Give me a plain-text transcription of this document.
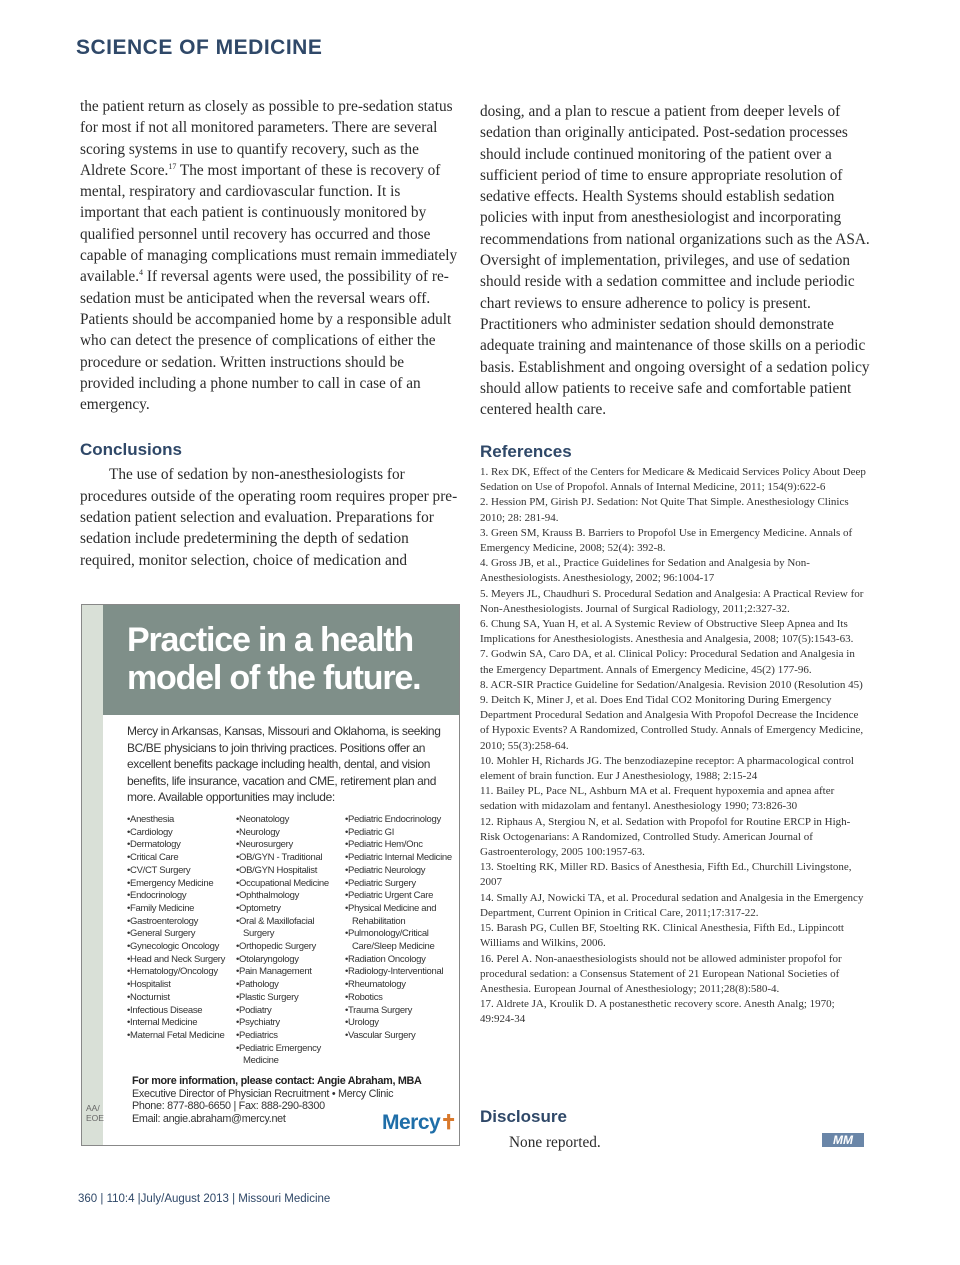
SCIENCE OF MEDICINE

the patient return as closely as possible to pre-sedation status for most if not all monitored parameters. There are several scoring systems in use to quantify recovery, such as the Aldrete Score.$^{17}$ The most important of these is recovery of mental, respiratory and cardiovascular function. It is important that each patient is continuously monitored by qualified personnel until recovery has occurred and those capable of managing complications must remain immediately available.$^4$ If reversal agents were used, the possibility of re-sedation must be anticipated when the reversal wears off. Patients should be accompanied home by a responsible adult who can detect the presence of complications of either the procedure or sedation. Written instructions should be provided including a phone number to call in case of an emergency.

Conclusions

The use of sedation by non-anesthesiologists for procedures outside of the operating room requires proper pre-sedation patient selection and evaluation. Preparations for sedation include predetermining the depth of sedation required, monitor selection, choice of medication and

dosing, and a plan to rescue a patient from deeper levels of sedation than originally anticipated. Post-sedation processes should include continued monitoring of the patient over a sufficient period of time to ensure appropriate resolution of sedative effects. Health Systems should establish sedation policies with input from anesthesiologist and incorporating recommendations from national organizations such as the ASA. Oversight of implementation, privileges, and use of sedation should reside with a sedation committee and include periodic chart reviews to ensure adherence to policy is present. Practitioners who administer sedation should demonstrate adequate training and maintenance of those skills on a periodic basis. Establishment and ongoing oversight of a sedation policy should allow patients to receive safe and comfortable patient centered health care.

References

1. Rex DK, Effect of the Centers for Medicare & Medicaid Services Policy About Deep Sedation on Use of Propofol. Annals of Internal Medicine, 2011; 154(9):622-6
2. Hession PM, Girish PJ. Sedation: Not Quite That Simple. Anesthesiology Clinics 2010; 28: 281-94.
3. Green SM, Krauss B. Barriers to Propofol Use in Emergency Medicine. Annals of Emergency Medicine, 2008; 52(4): 392-8.
4. Gross JB, et al., Practice Guidelines for Sedation and Analgesia by Non-Anesthesiologists. Anesthesiology, 2002; 96:1004-17
5. Meyers JL, Chaudhuri S. Procedural Sedation and Analgesia: A Practical Review for Non-Anesthesiologists. Journal of Surgical Radiology, 2011;2:327-32.
6. Chung SA, Yuan H, et al. A Systemic Review of Obstructive Sleep Apnea and Its Implications for Anesthesiologists. Anesthesia and Analgesia, 2008; 107(5):1543-63.
7. Godwin SA, Caro DA, et al. Clinical Policy: Procedural Sedation and Analgesia in the Emergency Department. Annals of Emergency Medicine, 45(2) 177-96.
8. ACR-SIR Practice Guideline for Sedation/Analgesia. Revision 2010 (Resolution 45)
9. Deitch K, Miner J, et al. Does End Tidal CO2 Monitoring During Emergency Department Procedural Sedation and Analgesia With Propofol Decrease the Incidence of Hypoxic Events? A Randomized, Controlled Study. Annals of Emergency Medicine, 2010; 55(3):258-64.
10. Mohler H, Richards JG. The benzodiazepine receptor: A pharmacological control element of brain function. Eur J Anesthesiology, 1988; 2:15-24
11. Bailey PL, Pace NL, Ashburn MA et al. Frequent hypoxemia and apnea after sedation with midazolam and fentanyl. Anesthesiology 1990; 73:826-30
12. Riphaus A, Stergiou N, et al. Sedation with Propofol for Routine ERCP in High-Risk Octogenarians: A Randomized, Controlled Study. American Journal of Gastroenterology, 2005 100:1957-63.
13. Stoelting RK, Miller RD. Basics of Anesthesia, Fifth Ed., Churchill Livingstone, 2007
14. Smally AJ, Nowicki TA, et al. Procedural sedation and Analgesia in the Emergency Department, Current Opinion in Critical Care, 2011;17:317-22.
15. Barash PG, Cullen BF, Stoelting RK. Clinical Anesthesia, Fifth Ed., Lippincott Williams and Wilkins, 2006.
16. Perel A. Non-anaesthesiologists should not be allowed administer propofol for procedural sedation: a Consensus Statement of 21 European National Societies of Anesthesia. European Journal of Anesthesiology; 2011;28(8):580-4.
17. Aldrete JA, Kroulik D. A postanesthetic recovery score. Anesth Analg; 1970; 49:924-34
Practice in a health model of the future.
Mercy in Arkansas, Kansas, Missouri and Oklahoma, is seeking BC/BE physicians to join thriving practices. Positions offer an excellent benefits package including health, dental, and vision benefits, life insurance, vacation and CME, retirement plan and more. Available opportunities may include:
• Anesthesia
• Cardiology
• Dermatology
• Critical Care
• CV/CT Surgery
• Emergency Medicine
• Endocrinology
• Family Medicine
• Gastroenterology
• General Surgery
• Gynecologic Oncology
• Head and Neck Surgery
• Hematology/Oncology
• Hospitalist
• Nocturnist
• Infectious Disease
• Internal Medicine
• Maternal Fetal Medicine
• Neonatology
• Neurology
• Neurosurgery
• OB/GYN - Traditional
• OB/GYN Hospitalist
• Occupational Medicine
• Ophthalmology
• Optometry
• Oral & Maxillofacial Surgery
• Orthopedic Surgery
• Otolaryngology
• Pain Management
• Pathology
• Plastic Surgery
• Podiatry
• Psychiatry
• Pediatrics
• Pediatric Emergency Medicine
• Pediatric Endocrinology
• Pediatric GI
• Pediatric Hem/Onc
• Pediatric Internal Medicine
• Pediatric Neurology
• Pediatric Surgery
• Pediatric Urgent Care
• Physical Medicine and Rehabilitation
• Pulmonology/Critical Care/Sleep Medicine
• Radiation Oncology
• Radiology-Interventional
• Rheumatology
• Robotics
• Trauma Surgery
• Urology
• Vascular Surgery
For more information, please contact: Angie Abraham, MBA
Executive Director of Physician Recruitment • Mercy Clinic
Phone: 877-880-6650 | Fax: 888-290-8300
Email: angie.abraham@mercy.net
AA/ EOE	Mercy✝ Disclosure
None reported.	MM
360 | 110:4 |July/August 2013 | Missouri Medicine
